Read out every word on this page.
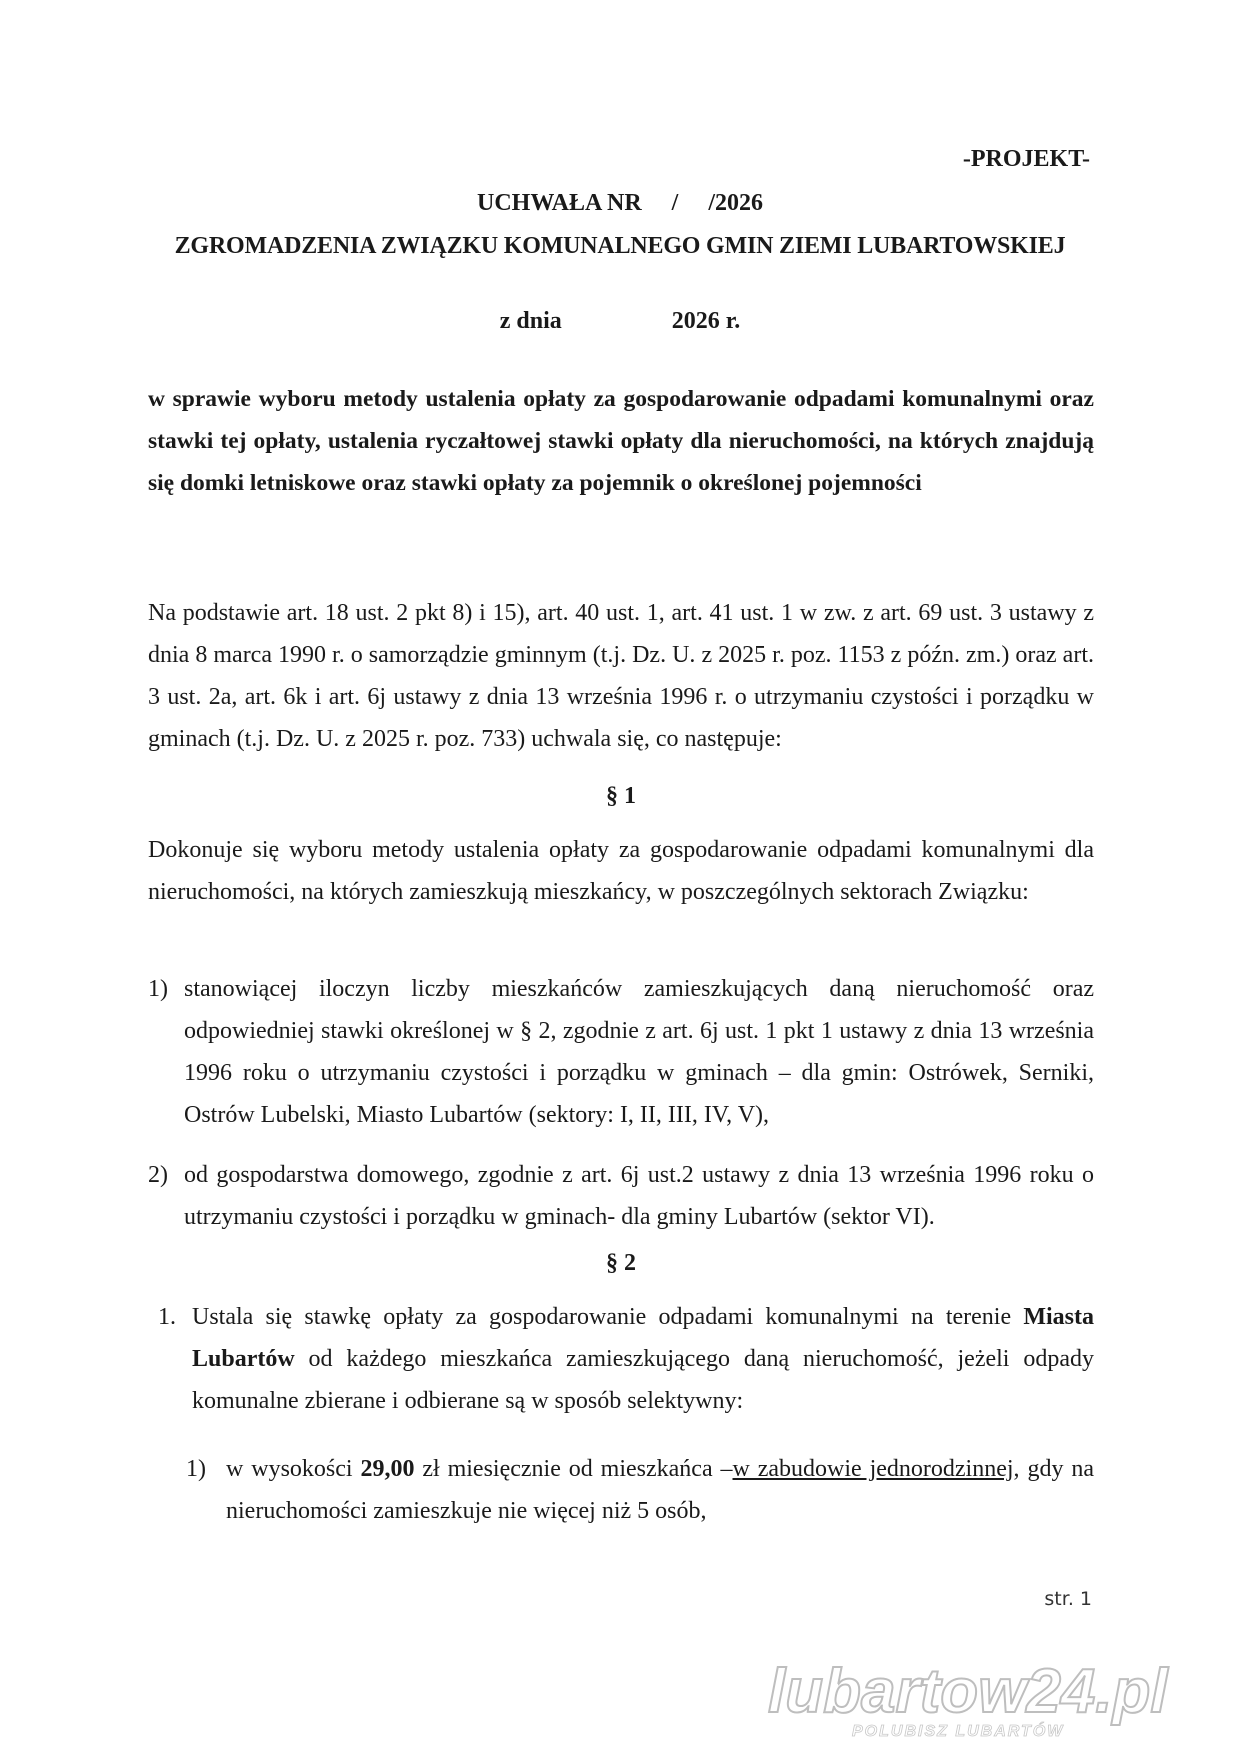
-PROJEKT-
UCHWAŁA NR     /     /2026
ZGROMADZENIA ZWIĄZKU KOMUNALNEGO GMIN ZIEMI LUBARTOWSKIEJ
z dnia	2026 r.
w sprawie wyboru metody ustalenia opłaty za gospodarowanie odpadami komunalnymi oraz stawki tej opłaty, ustalenia ryczałtowej stawki opłaty dla nieruchomości, na których znajdują się domki letniskowe oraz stawki opłaty za pojemnik o określonej pojemności
Na podstawie art. 18 ust. 2 pkt 8) i 15), art. 40 ust. 1, art. 41 ust. 1 w zw. z art. 69 ust. 3 ustawy z dnia 8 marca 1990 r. o samorządzie gminnym (t.j. Dz. U. z 2025 r. poz. 1153 z późn. zm.) oraz art. 3 ust. 2a, art. 6k i art. 6j ustawy z dnia 13 września 1996 r. o utrzymaniu czystości i porządku w gminach (t.j. Dz. U. z 2025 r. poz. 733) uchwala się, co następuje:
§ 1
Dokonuje się wyboru metody ustalenia opłaty za gospodarowanie odpadami komunalnymi dla nieruchomości, na których zamieszkują mieszkańcy, w poszczególnych sektorach Związku:
1) stanowiącej iloczyn liczby mieszkańców zamieszkujących daną nieruchomość oraz odpowiedniej stawki określonej w § 2, zgodnie z art. 6j ust. 1 pkt 1 ustawy z dnia 13 września 1996 roku o utrzymaniu czystości i porządku w gminach – dla gmin: Ostrówek, Serniki, Ostrów Lubelski, Miasto Lubartów (sektory: I, II, III, IV, V),
2) od gospodarstwa domowego, zgodnie z art. 6j ust.2 ustawy z dnia 13 września 1996 roku o utrzymaniu czystości i porządku w gminach- dla gminy Lubartów (sektor VI).
§ 2
1. Ustala się stawkę opłaty za gospodarowanie odpadami komunalnymi na terenie Miasta Lubartów od każdego mieszkańca zamieszkującego daną nieruchomość, jeżeli odpady komunalne zbierane i odbierane są w sposób selektywny:
1) w wysokości 29,00 zł miesięcznie od mieszkańca –w zabudowie jednorodzinnej, gdy na nieruchomości zamieszkuje nie więcej niż 5 osób,
str. 1
lubartow24.pl
POLUBISZ LUBARTÓW
